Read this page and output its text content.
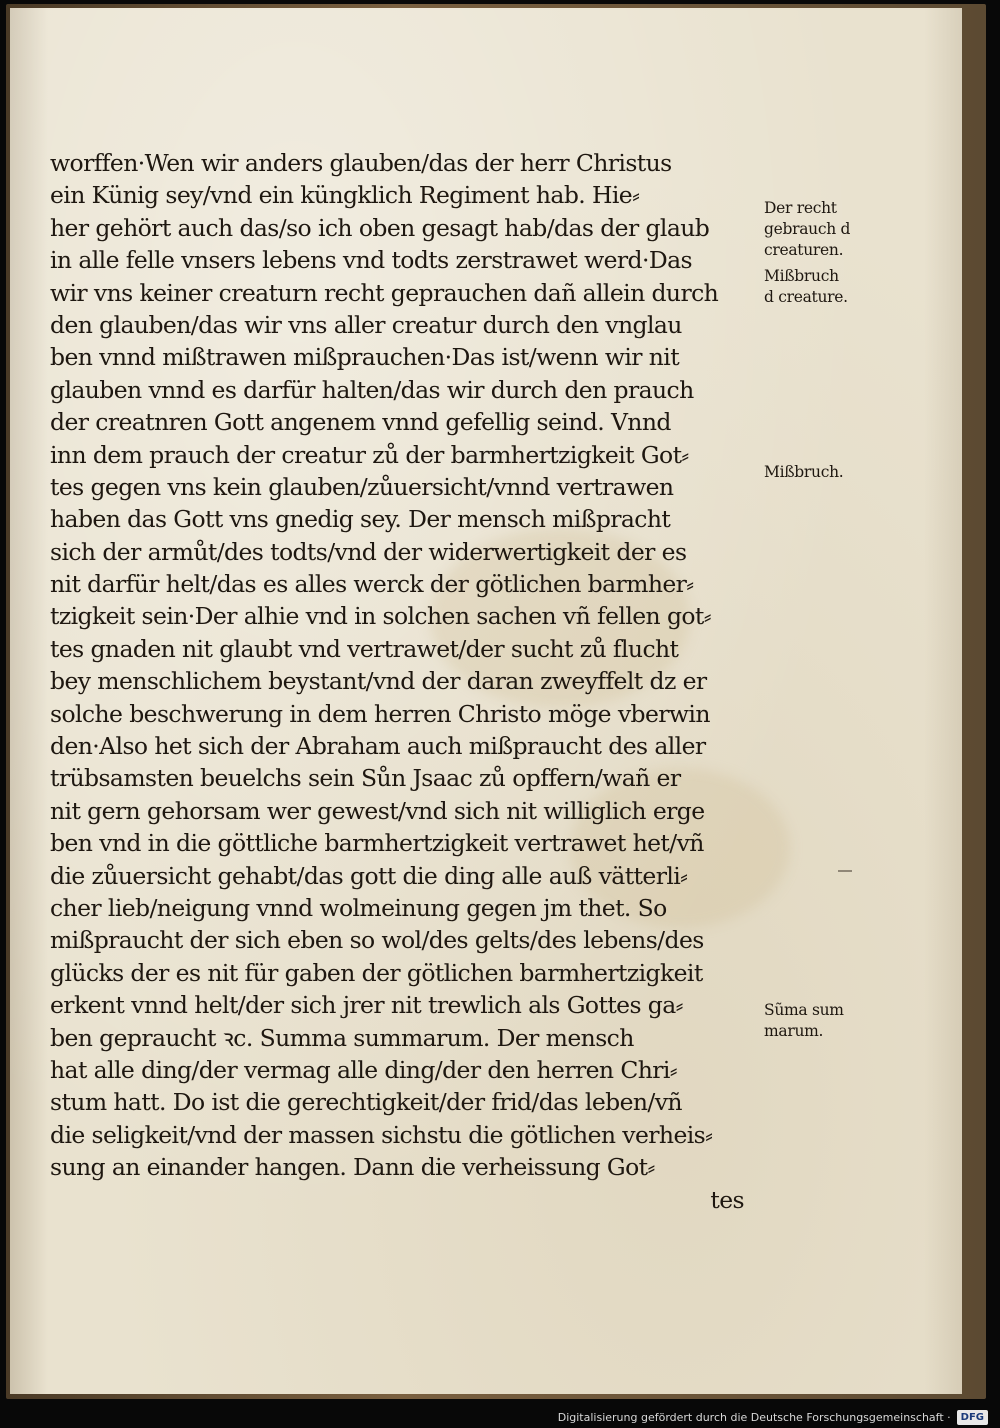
worffen·Wen wir anders glauben/das der herr Christus
ein Künig sey/vnd ein küngklich Regiment hab. Hie⸗
her gehört auch das/so ich oben gesagt hab/das der glaub
in alle felle vnsers lebens vnd todts zerstrawet werd·Das
wir vns keiner creaturn recht geprauchen dañ allein durch
den glauben/das wir vns aller creatur durch den vnglau
ben vnnd mißtrawen mißprauchen·Das ist/wenn wir nit
glauben vnnd es darfür halten/das wir durch den prauch
der creatnren Gott angenem vnnd gefellig seind. Vnnd
inn dem prauch der creatur zů der barmhertzigkeit Got⸗
tes gegen vns kein glauben/zůuersicht/vnnd vertrawen
haben das Gott vns gnedig sey. Der mensch mißpracht
sich der armůt/des todts/vnd der widerwertigkeit der es
nit darfür helt/das es alles werck der götlichen barmher⸗
tzigkeit sein·Der alhie vnd in solchen sachen vñ fellen got⸗
tes gnaden nit glaubt vnd vertrawet/der sucht zů flucht
bey menschlichem beystant/vnd der daran zweyffelt dz er
solche beschwerung in dem herren Christo möge vberwin
den·Also het sich der Abraham auch mißpraucht des aller
trübsamsten beuelchs sein Sůn Jsaac zů opffern/wañ er
nit gern gehorsam wer gewest/vnd sich nit williglich erge
ben vnd in die göttliche barmhertzigkeit vertrawet het/vñ
die zůuersicht gehabt/das gott die ding alle auß vätterli⸗
cher lieb/neigung vnnd wolmeinung gegen jm thet. So
mißpraucht der sich eben so wol/des gelts/des lebens/des
glücks der es nit für gaben der götlichen barmhertzigkeit
erkent vnnd helt/der sich jrer nit trewlich als Gottes ga⸗
ben gepraucht ꝛc. Summa summarum. Der mensch
hat alle ding/der vermag alle ding/der den herren Chri⸗
stum hatt. Do ist die gerechtigkeit/der frid/das leben/vñ
die seligkeit/vnd der massen sichstu die götlichen verheis⸗
sung an einander hangen. Dann die verheissung Got⸗
tes
Der recht
gebrauch d
creaturen.
Mißbruch
d creature.
Mißbruch.
Sũma sum
marum.
Digitalisierung gefördert durch die Deutsche Forschungsgemeinschaft ·	DFG
